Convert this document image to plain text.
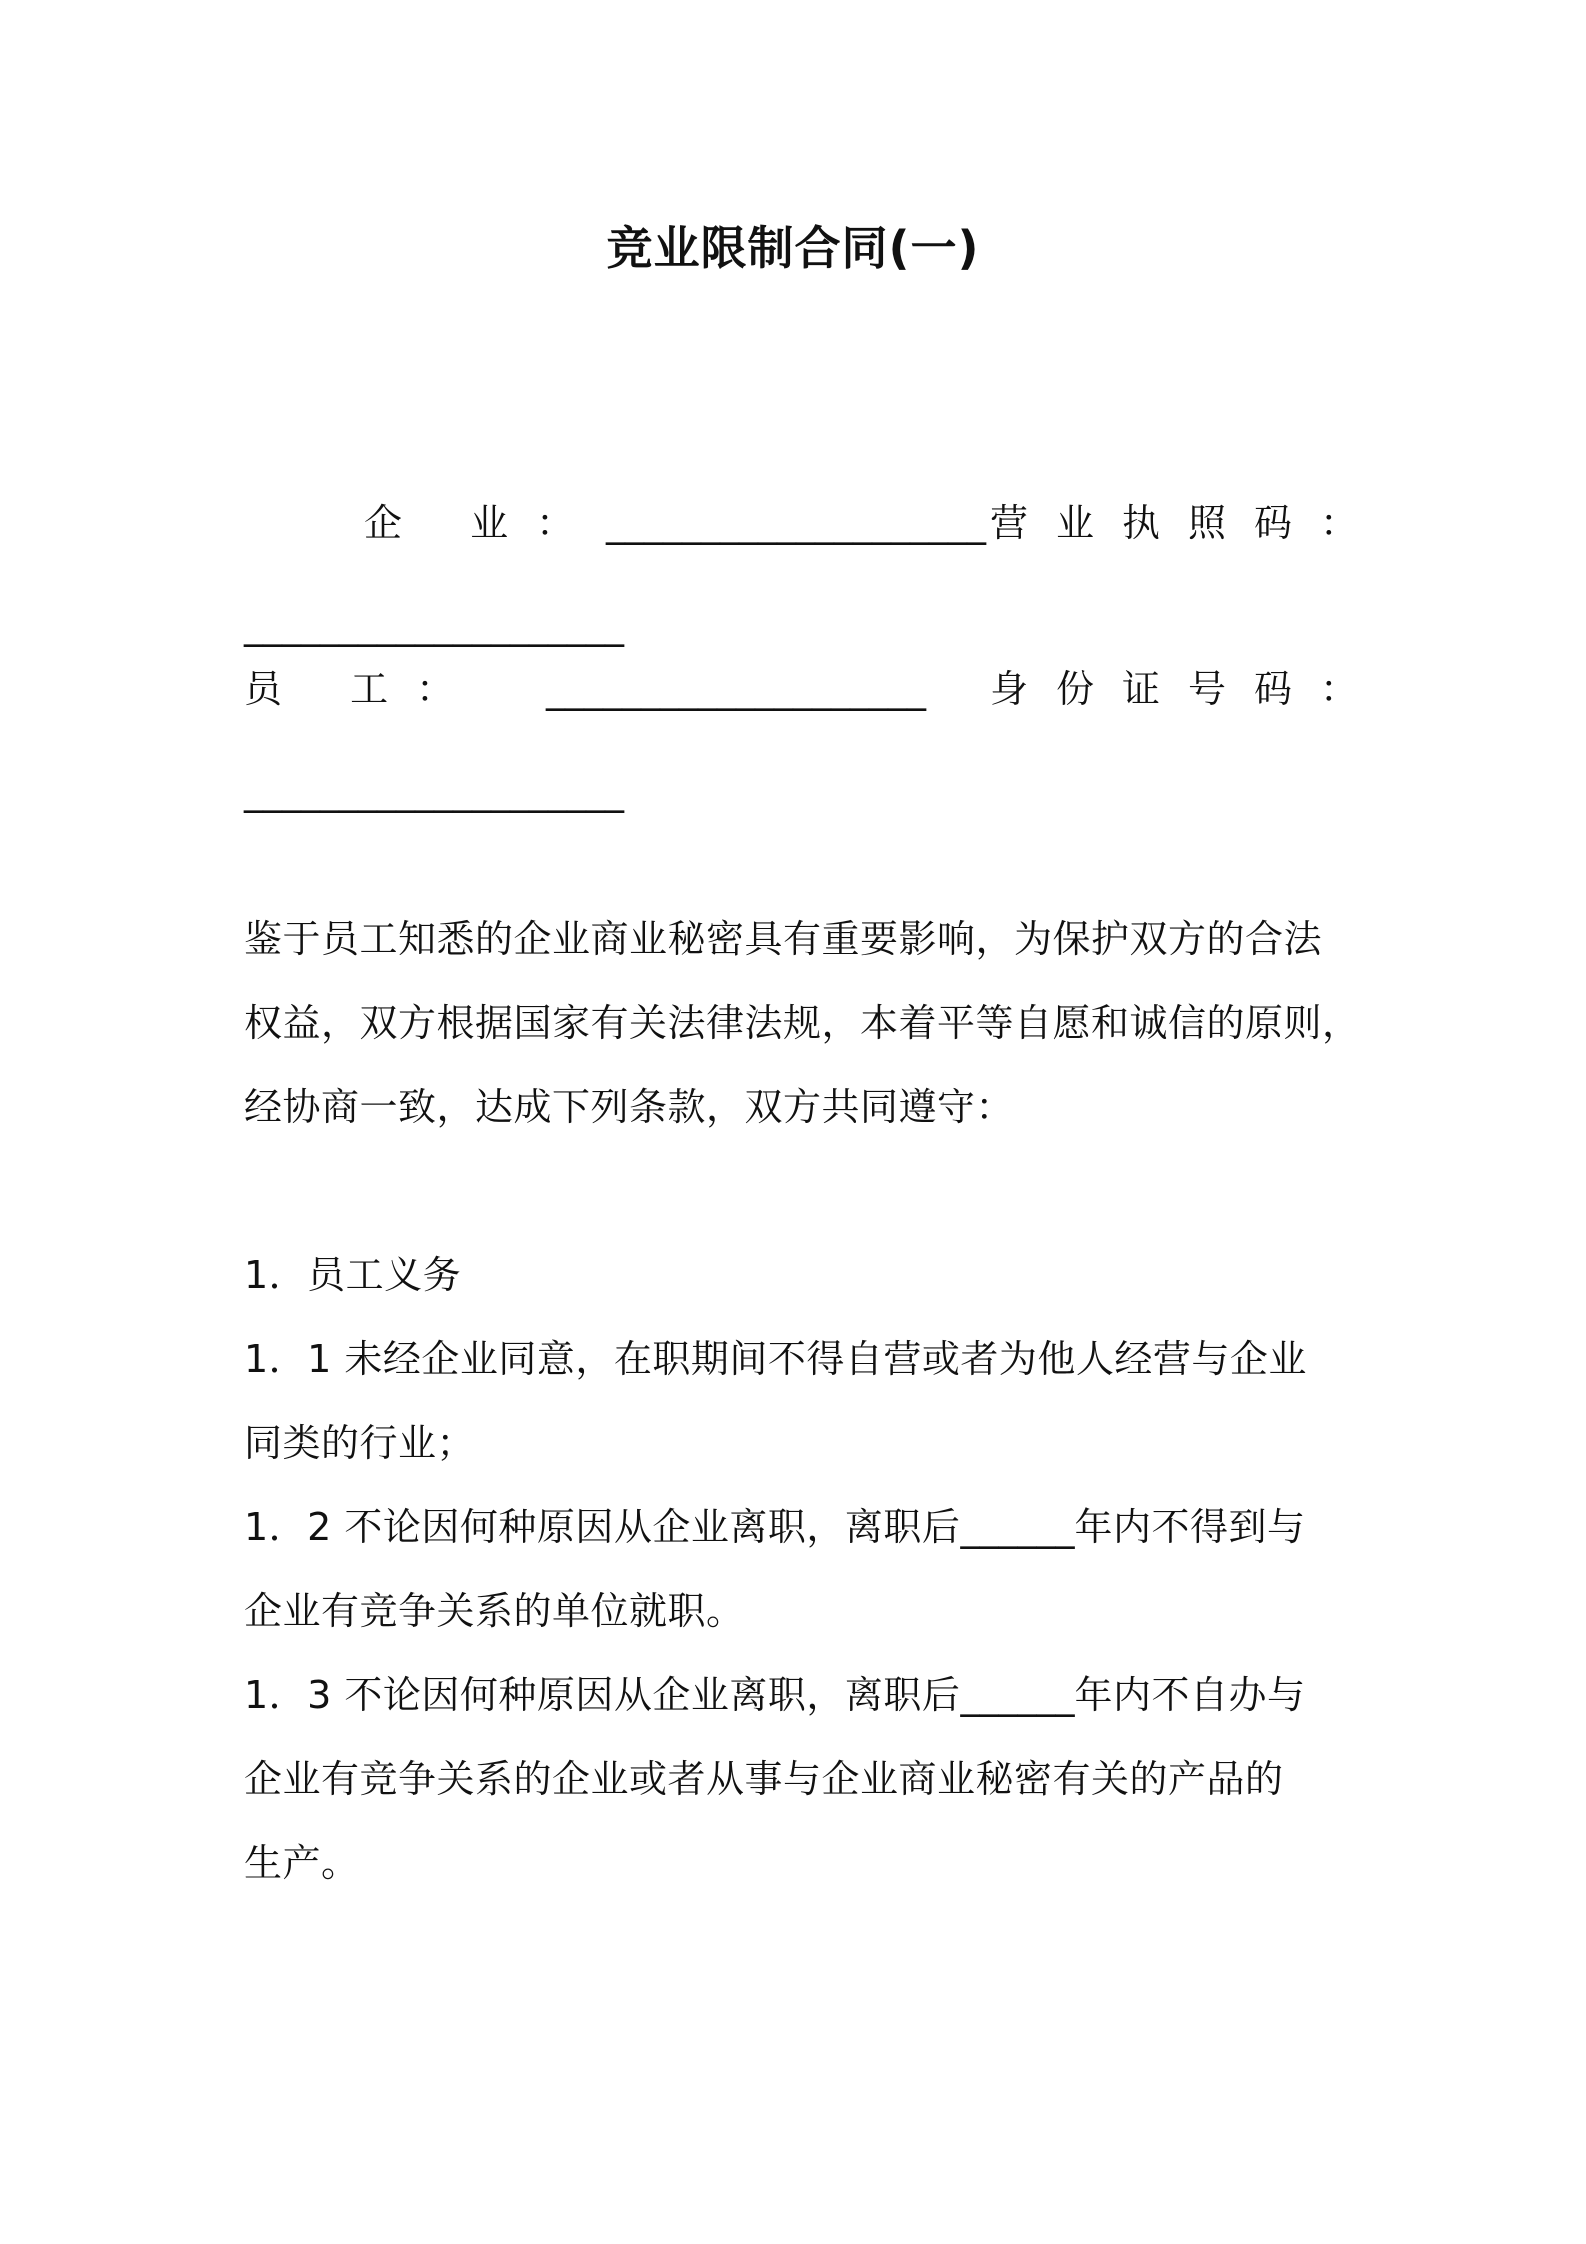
竞业限制合同(一)
企 业： ____________________ 营业执照码：
____________________
员 工： ____________________ 身份证号码：
____________________
鉴于员工知悉的企业商业秘密具有重要影响，为保护双方的合法
权益，双方根据国家有关法律法规，本着平等自愿和诚信的原则，
经协商一致，达成下列条款，双方共同遵守：
1．员工义务
1．1 未经企业同意，在职期间不得自营或者为他人经营与企业
同类的行业；
1．2 不论因何种原因从企业离职，离职后______年内不得到与
企业有竞争关系的单位就职。
1．3 不论因何种原因从企业离职，离职后______年内不自办与
企业有竞争关系的企业或者从事与企业商业秘密有关的产品的
生产。
